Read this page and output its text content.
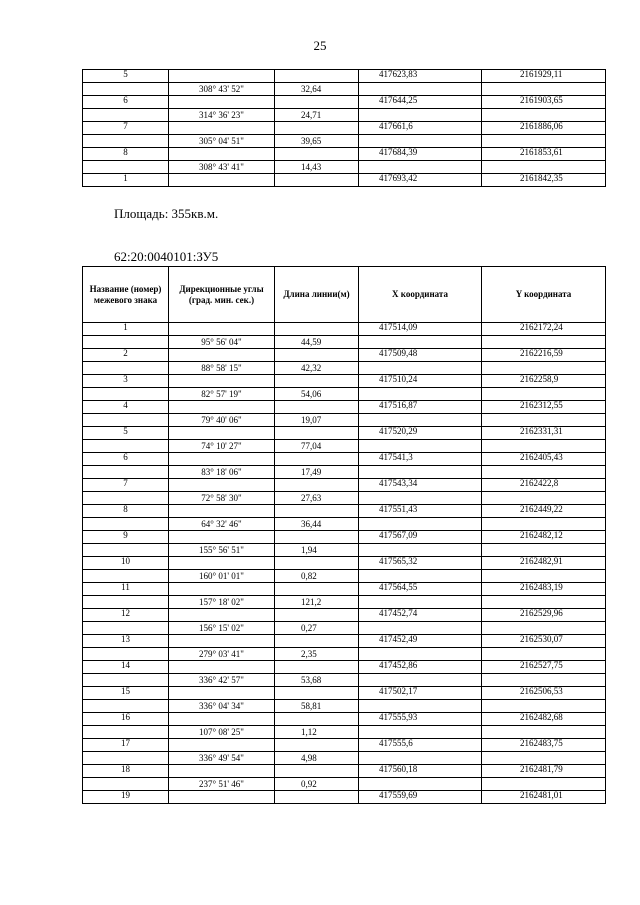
25
5			417623,83	2161929,11
	308° 43' 52"	32,64		
6			417644,25	2161903,65
	314° 36' 23"	24,71		
7			417661,6	2161886,06
	305° 04' 51"	39,65		
8			417684,39	2161853,61
	308° 43' 41"	14,43		
1			417693,42	2161842,35
Площадь: 355кв.м.
62:20:0040101:ЗУ5
Название (номер) межевого знака	Дирекционные углы (град. мин. сек.)	Длина линии(м)	X координата	Y координата
1			417514,09	2162172,24
	95° 56' 04"	44,59		
2			417509,48	2162216,59
	88° 58' 15"	42,32		
3			417510,24	2162258,9
	82° 57' 19"	54,06		
4			417516,87	2162312,55
	79° 40' 06"	19,07		
5			417520,29	2162331,31
	74° 10' 27"	77,04		
6			417541,3	2162405,43
	83° 18' 06"	17,49		
7			417543,34	2162422,8
	72° 58' 30"	27,63		
8			417551,43	2162449,22
	64° 32' 46"	36,44		
9			417567,09	2162482,12
	155° 56' 51"	1,94		
10			417565,32	2162482,91
	160° 01' 01"	0,82		
11			417564,55	2162483,19
	157° 18' 02"	121,2		
12			417452,74	2162529,96
	156° 15' 02"	0,27		
13			417452,49	2162530,07
	279° 03' 41"	2,35		
14			417452,86	2162527,75
	336° 42' 57"	53,68		
15			417502,17	2162506,53
	336° 04' 34"	58,81		
16			417555,93	2162482,68
	107° 08' 25"	1,12		
17			417555,6	2162483,75
	336° 49' 54"	4,98		
18			417560,18	2162481,79
	237° 51' 46"	0,92		
19			417559,69	2162481,01
